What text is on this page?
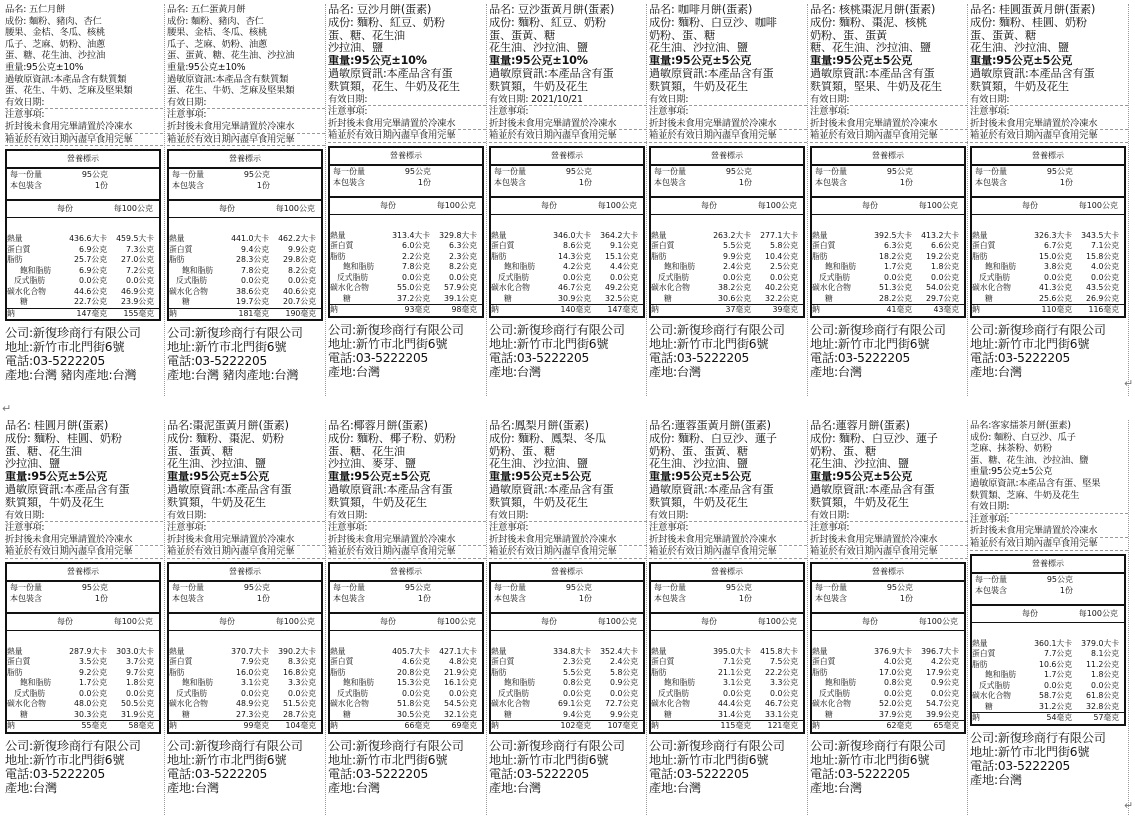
品名: 五仁月餅
成份: 麵粉、豬肉、杏仁
腰果、金桔、冬瓜、核桃
瓜子、芝麻、奶粉、油蔥
蛋、糖、花生油、沙拉油
重量:95公克±10%
過敏原資訊:本產品含有麩質類
蛋、花生、牛奶、芝麻及堅果類
有效日期:
注意事項:
折封後未食用完畢請置於冷凍水
箱並於有效日期內盡早食用完畢
營養標示
每一份量	95公克
本包裝含	1份
每份	每100公克
熱量	436.6大卡	459.5大卡
蛋白質	6.9公克	7.3公克
脂肪	25.7公克	27.0公克
飽和脂肪	6.9公克	7.2公克
反式脂肪	0.0公克	0.0公克
碳水化合物	44.6公克	46.9公克
糖	22.7公克	23.9公克
鈉	147毫克	155毫克
公司:新復珍商行有限公司
地址:新竹市北門街6號
電話:03-5222205
產地:台灣 豬肉產地:台灣
品名: 五仁蛋黃月餅
成份: 麵粉、豬肉、杏仁
腰果、金桔、冬瓜、核桃
瓜子、芝麻、奶粉、油蔥
蛋、蛋黃、糖、花生油、沙拉油
重量:95公克±10%
過敏原資訊:本產品含有麩質類
蛋、花生、牛奶、芝麻及堅果類
有效日期:
注意事項:
折封後未食用完畢請置於冷凍水
箱並於有效日期內盡早食用完畢
營養標示
每一份量	95公克
本包裝含	1份
每份	每100公克
熱量	441.0大卡	462.2大卡
蛋白質	9.4公克	9.9公克
脂肪	28.3公克	29.8公克
飽和脂肪	7.8公克	8.2公克
反式脂肪	0.0公克	0.0公克
碳水化合物	38.6公克	40.6公克
糖	19.7公克	20.7公克
鈉	181毫克	190毫克
公司:新復珍商行有限公司
地址:新竹市北門街6號
電話:03-5222205
產地:台灣 豬肉產地:台灣
品名: 豆沙月餅(蛋素)
成份: 麵粉、紅豆、奶粉
蛋、糖、花生油
沙拉油、鹽
重量:95公克±10%
過敏原資訊:本產品含有蛋
麩質類，花生、牛奶及花生
有效日期:
注意事項:
折封後未食用完畢請置於冷凍水
箱並於有效日期內盡早食用完畢
營養標示
每一份量	95公克
本包裝含	1份
每份	每100公克
熱量	313.4大卡	329.8大卡
蛋白質	6.0公克	6.3公克
脂肪	2.2公克	2.3公克
飽和脂肪	7.8公克	8.2公克
反式脂肪	0.0公克	0.0公克
碳水化合物	55.0公克	57.9公克
糖	37.2公克	39.1公克
鈉	93毫克	98毫克
公司:新復珍商行有限公司
地址:新竹市北門街6號
電話:03-5222205
產地:台灣
品名: 豆沙蛋黃月餅(蛋素)
成份: 麵粉、紅豆、奶粉
蛋、蛋黃、糖
花生油、沙拉油、鹽
重量:95公克±10%
過敏原資訊:本產品含有蛋
麩質類，牛奶及花生
有效日期: 2021/10/21
注意事項:
折封後未食用完畢請置於冷凍水
箱並於有效日期內盡早食用完畢
營養標示
每一份量	95公克
本包裝含	1份
每份	每100公克
熱量	346.0大卡	364.2大卡
蛋白質	8.6公克	9.1公克
脂肪	14.3公克	15.1公克
飽和脂肪	4.2公克	4.4公克
反式脂肪	0.0公克	0.0公克
碳水化合物	46.7公克	49.2公克
糖	30.9公克	32.5公克
鈉	140毫克	147毫克
公司:新復珍商行有限公司
地址:新竹市北門街6號
電話:03-5222205
產地:台灣
品名: 咖啡月餅(蛋素)
成份: 麵粉、白豆沙、咖啡
奶粉、蛋、糖
花生油、沙拉油、鹽
重量:95公克±5公克
過敏原資訊:本產品含有蛋
麩質類，牛奶及花生
有效日期:
注意事項:
折封後未食用完畢請置於冷凍水
箱並於有效日期內盡早食用完畢
營養標示
每一份量	95公克
本包裝含	1份
每份	每100公克
熱量	263.2大卡	277.1大卡
蛋白質	5.5公克	5.8公克
脂肪	9.9公克	10.4公克
飽和脂肪	2.4公克	2.5公克
反式脂肪	0.0公克	0.0公克
碳水化合物	38.2公克	40.2公克
糖	30.6公克	32.2公克
鈉	37毫克	39毫克
公司:新復珍商行有限公司
地址:新竹市北門街6號
電話:03-5222205
產地:台灣
品名: 核桃棗泥月餅(蛋素)
成份: 麵粉、棗泥、核桃
奶粉、蛋、蛋黃
糖、花生油、沙拉油、鹽
重量:95公克±5公克
過敏原資訊:本產品含有蛋
麩質類，堅果、牛奶及花生
有效日期:
注意事項:
折封後未食用完畢請置於冷凍水
箱並於有效日期內盡早食用完畢
營養標示
每一份量	95公克
本包裝含	1份
每份	每100公克
熱量	392.5大卡	413.2大卡
蛋白質	6.3公克	6.6公克
脂肪	18.2公克	19.2公克
飽和脂肪	1.7公克	1.8公克
反式脂肪	0.0公克	0.0公克
碳水化合物	51.3公克	54.0公克
糖	28.2公克	29.7公克
鈉	41毫克	43毫克
公司:新復珍商行有限公司
地址:新竹市北門街6號
電話:03-5222205
產地:台灣
品名: 桂圓蛋黃月餅(蛋素)
成份: 麵粉、桂圓、奶粉
蛋、蛋黃、糖
花生油、沙拉油、鹽
重量:95公克±5公克
過敏原資訊:本產品含有蛋
麩質類，牛奶及花生
有效日期:
注意事項:
折封後未食用完畢請置於冷凍水
箱並於有效日期內盡早食用完畢
營養標示
每一份量	95公克
本包裝含	1份
每份	每100公克
熱量	326.3大卡	343.5大卡
蛋白質	6.7公克	7.1公克
脂肪	15.0公克	15.8公克
飽和脂肪	3.8公克	4.0公克
反式脂肪	0.0公克	0.0公克
碳水化合物	41.3公克	43.5公克
糖	25.6公克	26.9公克
鈉	110毫克	116毫克
公司:新復珍商行有限公司
地址:新竹市北門街6號
電話:03-5222205
產地:台灣
品名: 桂圓月餅(蛋素)
成份: 麵粉、桂圓、奶粉
蛋、糖、花生油
沙拉油、鹽
重量:95公克±5公克
過敏原資訊:本產品含有蛋
麩質類，牛奶及花生
有效日期:
注意事項:
折封後未食用完畢請置於冷凍水
箱並於有效日期內盡早食用完畢
營養標示
每一份量	95公克
本包裝含	1份
每份	每100公克
熱量	287.9大卡	303.0大卡
蛋白質	3.5公克	3.7公克
脂肪	9.2公克	9.7公克
飽和脂肪	1.7公克	1.8公克
反式脂肪	0.0公克	0.0公克
碳水化合物	48.0公克	50.5公克
糖	30.3公克	31.9公克
鈉	55毫克	58毫克
公司:新復珍商行有限公司
地址:新竹市北門街6號
電話:03-5222205
產地:台灣
品名:棗泥蛋黃月餅(蛋素)
成份: 麵粉、棗泥、奶粉
蛋、蛋黃、糖
花生油、沙拉油、鹽
重量:95公克±5公克
過敏原資訊:本產品含有蛋
麩質類，牛奶及花生
有效日期:
注意事項:
折封後未食用完畢請置於冷凍水
箱並於有效日期內盡早食用完畢
營養標示
每一份量	95公克
本包裝含	1份
每份	每100公克
熱量	370.7大卡	390.2大卡
蛋白質	7.9公克	8.3公克
脂肪	16.0公克	16.8公克
飽和脂肪	3.1公克	3.3公克
反式脂肪	0.0公克	0.0公克
碳水化合物	48.9公克	51.5公克
糖	27.3公克	28.7公克
鈉	99毫克	104毫克
公司:新復珍商行有限公司
地址:新竹市北門街6號
電話:03-5222205
產地:台灣
品名:椰蓉月餅(蛋素)
成份: 麵粉、椰子粉、奶粉
蛋、糖、花生油
沙拉油、麥芽、鹽
重量:95公克±5公克
過敏原資訊:本產品含有蛋
麩質類，牛奶及花生
有效日期:
注意事項:
折封後未食用完畢請置於冷凍水
箱並於有效日期內盡早食用完畢
營養標示
每一份量	95公克
本包裝含	1份
每份	每100公克
熱量	405.7大卡	427.1大卡
蛋白質	4.6公克	4.8公克
脂肪	20.8公克	21.9公克
飽和脂肪	15.3公克	16.1公克
反式脂肪	0.0公克	0.0公克
碳水化合物	51.8公克	54.5公克
糖	30.5公克	32.1公克
鈉	66毫克	69毫克
公司:新復珍商行有限公司
地址:新竹市北門街6號
電話:03-5222205
產地:台灣
品名:鳳梨月餅(蛋素)
成份: 麵粉、鳳梨、冬瓜
奶粉、蛋、糖
花生油、沙拉油、鹽
重量:95公克±5公克
過敏原資訊:本產品含有蛋
麩質類，牛奶及花生
有效日期:
注意事項:
折封後未食用完畢請置於冷凍水
箱並於有效日期內盡早食用完畢
營養標示
每一份量	95公克
本包裝含	1份
每份	每100公克
熱量	334.8大卡	352.4大卡
蛋白質	2.3公克	2.4公克
脂肪	5.5公克	5.8公克
飽和脂肪	0.8公克	0.9公克
反式脂肪	0.0公克	0.0公克
碳水化合物	69.1公克	72.7公克
糖	9.4公克	9.9公克
鈉	102毫克	107毫克
公司:新復珍商行有限公司
地址:新竹市北門街6號
電話:03-5222205
產地:台灣
品名:蓮蓉蛋黃月餅(蛋素)
成份: 麵粉、白豆沙、蓮子
奶粉、蛋、蛋黃、糖
花生油、沙拉油、鹽
重量:95公克±5公克
過敏原資訊:本產品含有蛋
麩質類，牛奶及花生
有效日期:
注意事項:
折封後未食用完畢請置於冷凍水
箱並於有效日期內盡早食用完畢
營養標示
每一份量	95公克
本包裝含	1份
每份	每100公克
熱量	395.0大卡	415.8大卡
蛋白質	7.1公克	7.5公克
脂肪	21.1公克	22.2公克
飽和脂肪	3.1公克	3.3公克
反式脂肪	0.0公克	0.0公克
碳水化合物	44.4公克	46.7公克
糖	31.4公克	33.1公克
鈉	115毫克	121毫克
公司:新復珍商行有限公司
地址:新竹市北門街6號
電話:03-5222205
產地:台灣
品名:蓮蓉月餅(蛋素)
成份: 麵粉、白豆沙、蓮子
奶粉、蛋、糖
花生油、沙拉油、鹽
重量:95公克±5公克
過敏原資訊:本產品含有蛋
麩質類，牛奶及花生
有效日期:
注意事項:
折封後未食用完畢請置於冷凍水
箱並於有效日期內盡早食用完畢
營養標示
每一份量	95公克
本包裝含	1份
每份	每100公克
熱量	376.9大卡	396.7大卡
蛋白質	4.0公克	4.2公克
脂肪	17.0公克	17.9公克
飽和脂肪	0.8公克	0.9公克
反式脂肪	0.0公克	0.0公克
碳水化合物	52.0公克	54.7公克
糖	37.9公克	39.9公克
鈉	62毫克	65毫克
公司:新復珍商行有限公司
地址:新竹市北門街6號
電話:03-5222205
產地:台灣
品名:客家擂茶月餅(蛋素)
成份: 麵粉、白豆沙、瓜子
芝麻、抹茶粉、奶粉
蛋、糖、花生油、沙拉油、鹽
重量:95公克±5公克
過敏原資訊:本產品含有蛋、堅果
麩質類、芝麻、牛奶及花生
有效日期:
注意事項:
折封後未食用完畢請置於冷凍水
箱並於有效日期內盡早食用完畢
營養標示
每一份量	95公克
本包裝含	1份
每份	每100公克
熱量	360.1大卡	379.0大卡
蛋白質	7.7公克	8.1公克
脂肪	10.6公克	11.2公克
飽和脂肪	1.7公克	1.8公克
反式脂肪	0.0公克	0.0公克
碳水化合物	58.7公克	61.8公克
糖	31.2公克	32.8公克
鈉	54毫克	57毫克
公司:新復珍商行有限公司
地址:新竹市北門街6號
電話:03-5222205
產地:台灣
↵
↵
↵
